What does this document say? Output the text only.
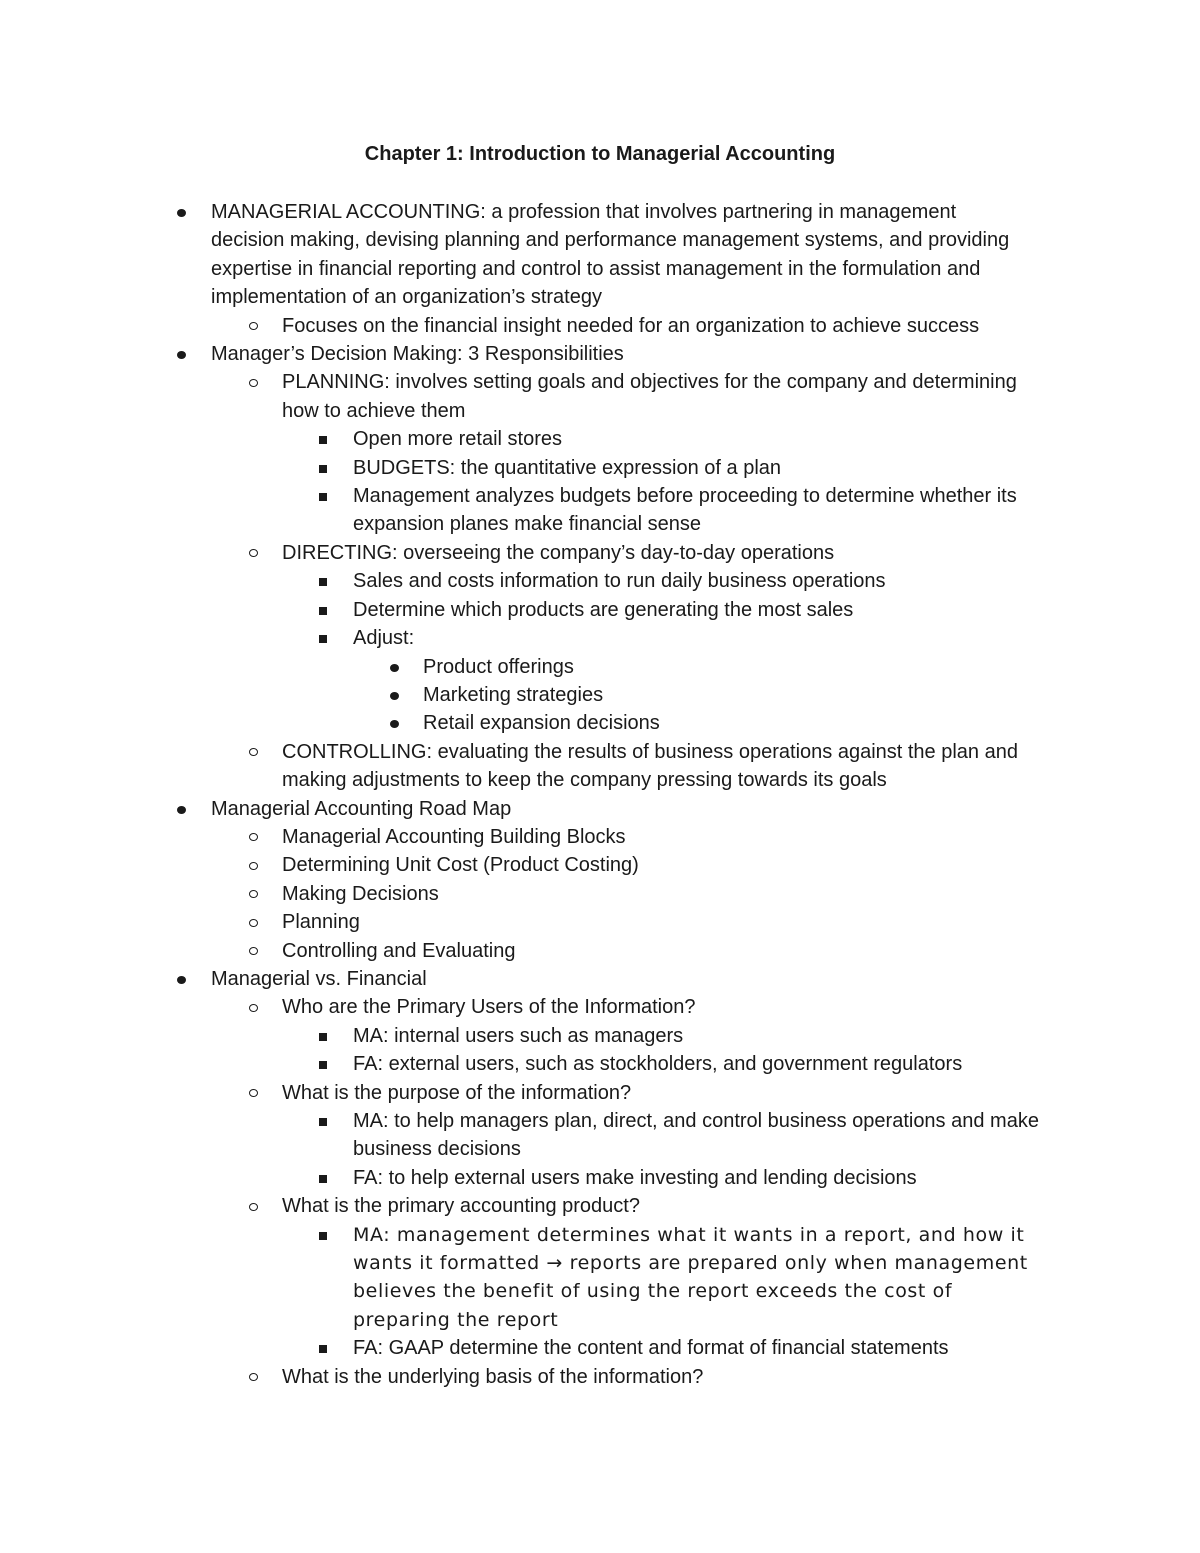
Chapter 1: Introduction to Managerial Accounting
MANAGERIAL ACCOUNTING: a profession that involves partnering in management decision making, devising planning and performance management systems, and providing expertise in financial reporting and control to assist management in the formulation and implementation of an organization’s strategy
Focuses on the financial insight needed for an organization to achieve success
Manager’s Decision Making: 3 Responsibilities
PLANNING: involves setting goals and objectives for the company and determining how to achieve them
Open more retail stores
BUDGETS: the quantitative expression of a plan
Management analyzes budgets before proceeding to determine whether its expansion planes make financial sense
DIRECTING: overseeing the company’s day-to-day operations
Sales and costs information to run daily business operations
Determine which products are generating the most sales
Adjust:
Product offerings
Marketing strategies
Retail expansion decisions
CONTROLLING: evaluating the results of business operations against the plan and making adjustments to keep the company pressing towards its goals
Managerial Accounting Road Map
Managerial Accounting Building Blocks
Determining Unit Cost (Product Costing)
Making Decisions
Planning
Controlling and Evaluating
Managerial vs. Financial
Who are the Primary Users of the Information?
MA: internal users such as managers
FA: external users, such as stockholders, and government regulators
What is the purpose of the information?
MA: to help managers plan, direct, and control business operations and make business decisions
FA: to help external users make investing and lending decisions
What is the primary accounting product?
MA: management determines what it wants in a report, and how it wants it formatted → reports are prepared only when management believes the benefit of using the report exceeds the cost of preparing the report
FA: GAAP determine the content and format of financial statements
What is the underlying basis of the information?
